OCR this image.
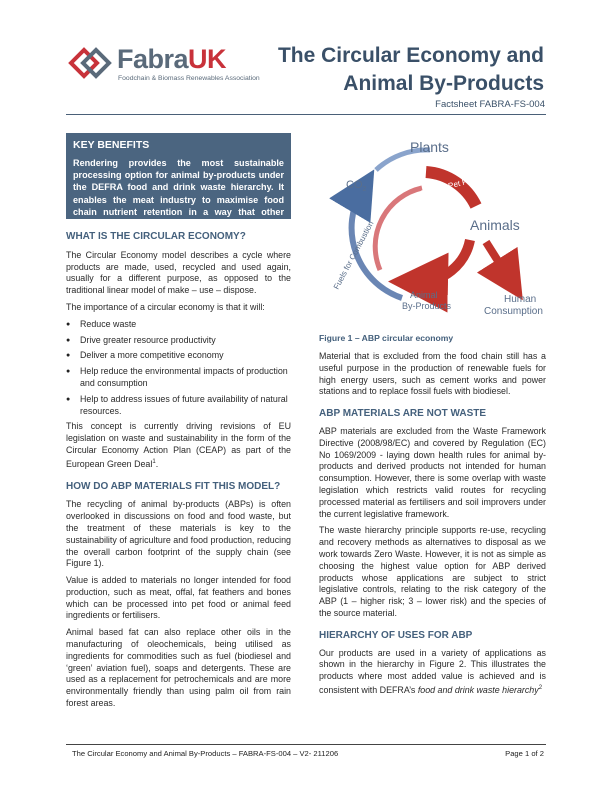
FabraUK
Foodchain & Biomass Renewables Association
The Circular Economy and
Animal By-Products
Factsheet FABRA-FS-004
KEY BENEFITS
Rendering provides the most sustainable processing option for animal by-products under the DEFRA food and drink waste hierarchy. It enables the meat industry to maximise food chain nutrient retention in a way that other options cannot.
WHAT IS THE CIRCULAR ECONOMY?

The Circular Economy model describes a cycle where products are made, used, recycled and used again, usually for a different purpose, as opposed to the traditional linear model of make – use – dispose.

The importance of a circular economy is that it will:

● Reduce waste
● Drive greater resource productivity
● Deliver a more competitive economy
● Help reduce the environmental impacts of production and consumption
● Help to address issues of future availability of natural resources.

This concept is currently driving revisions of EU legislation on waste and sustainability in the form of the Circular Economy Action Plan (CEAP) as part of the European Green Deal$^1$.

HOW DO ABP MATERIALS FIT THIS MODEL?

The recycling of animal by-products (ABPs) is often overlooked in discussions on food and food waste, but the treatment of these materials is key to the sustainability of agriculture and food production, reducing the overall carbon footprint of the supply chain (see Figure 1).

Value is added to materials no longer intended for food production, such as meat, offal, fat feathers and bones which can be processed into pet food or animal feed ingredients or fertilisers.

Animal based fat can also replace other oils in the manufacturing of oleochemicals, being utilised as ingredients for commodities such as fuel (biodiesel and ‘green’ aviation fuel), soaps and detergents. These are used as a replacement for petrochemicals and are more environmentally friendly than using palm oil from rain forest areas.

Plants
$CO_2$	Feed & Pet Food
Animals
Fuels for Combustion
Animal
By-Products
Human
Consumption
Figure 1 – ABP circular economy

Material that is excluded from the food chain still has a useful purpose in the production of renewable fuels for high energy users, such as cement works and power stations and to replace fossil fuels with biodiesel.

ABP MATERIALS ARE NOT WASTE

ABP materials are excluded from the Waste Framework Directive (2008/98/EC) and covered by Regulation (EC) No 1069/2009 - laying down health rules for animal by-products and derived products not intended for human consumption. However, there is some overlap with waste legislation which restricts valid routes for recycling processed material as fertilisers and soil improvers under the current legislative framework.

The waste hierarchy principle supports re-use, recycling and recovery methods as alternatives to disposal as we work towards Zero Waste. However, it is not as simple as choosing the highest value option for ABP derived products whose applications are subject to strict legislative controls, relating to the risk category of the ABP (1 – higher risk; 3 – lower risk) and the species of the source material.

HIERARCHY OF USES FOR ABP

Our products are used in a variety of applications as shown in the hierarchy in Figure 2. This illustrates the products where most added value is achieved and is consistent with DEFRA’s food and drink waste hierarchy$^2$

The Circular Economy and Animal By-Products – FABRA-FS-004 – V2- 211206	Page 1 of 2
